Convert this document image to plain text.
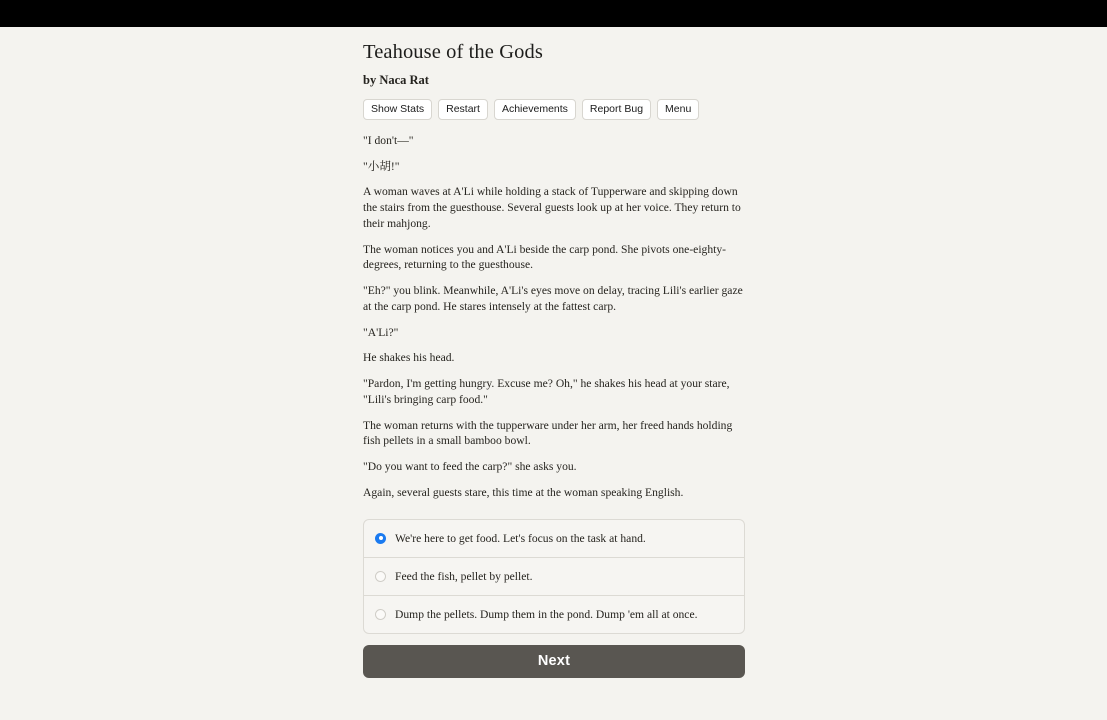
Teahouse of the Gods
by Naca Rat
Show Stats	Restart	Achievements	Report Bug	Menu

"I don't—"

"小胡!"

A woman waves at A'Li while holding a stack of Tupperware and skipping down the stairs from the guesthouse. Several guests look up at her voice. They return to their mahjong.

The woman notices you and A'Li beside the carp pond. She pivots one-eighty-degrees, returning to the guesthouse.

"Eh?" you blink. Meanwhile, A'Li's eyes move on delay, tracing Lili's earlier gaze at the carp pond. He stares intensely at the fattest carp.

"A'Li?"

He shakes his head.

"Pardon, I'm getting hungry. Excuse me? Oh," he shakes his head at your stare, "Lili's bringing carp food."

The woman returns with the tupperware under her arm, her freed hands holding fish pellets in a small bamboo bowl.

"Do you want to feed the carp?" she asks you.

Again, several guests stare, this time at the woman speaking English.

We're here to get food. Let's focus on the task at hand.
Feed the fish, pellet by pellet.
Dump the pellets. Dump them in the pond. Dump 'em all at once.
Next
